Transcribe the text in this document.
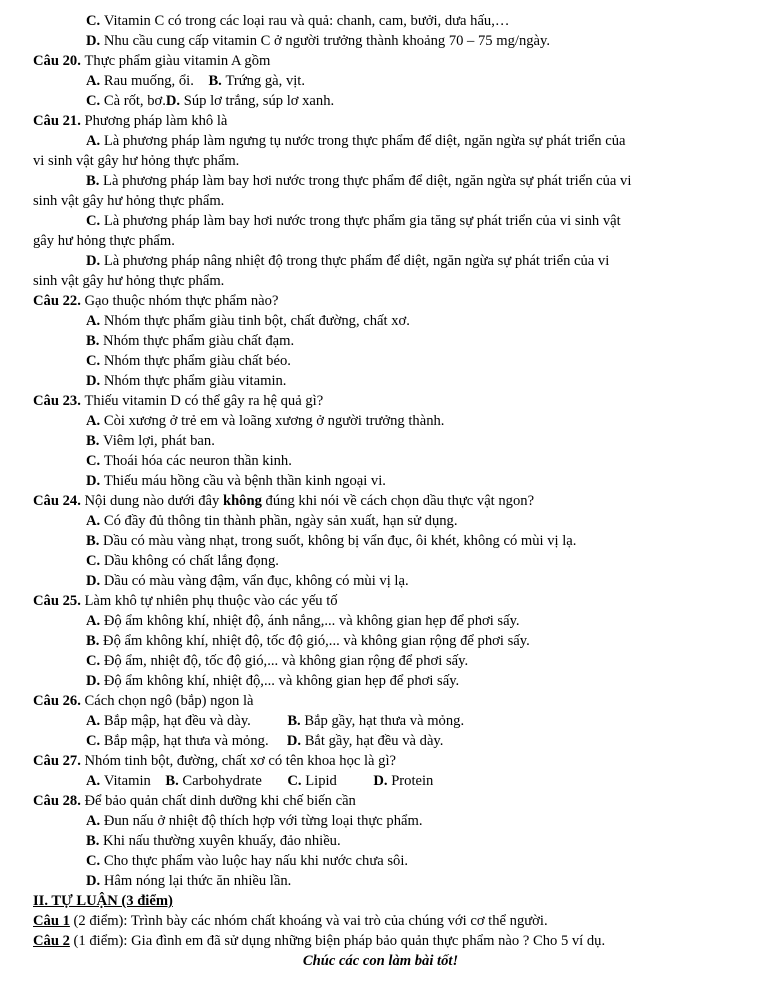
C. Vitamin C có trong các loại rau và quả: chanh, cam, bưởi, dưa hấu,…
D. Nhu cầu cung cấp vitamin C ở người trưởng thành khoảng 70 – 75 mg/ngày.
Câu 20. Thực phẩm giàu vitamin A gồm
A. Rau muống, ổi.    B. Trứng gà, vịt.
C. Cà rốt, bơ.D. Súp lơ trắng, súp lơ xanh.
Câu 21. Phương pháp làm khô là
A. Là phương pháp làm ngưng tụ nước trong thực phẩm để diệt, ngăn ngừa sự phát triển của
vi sinh vật gây hư hỏng thực phẩm.
B. Là phương pháp làm bay hơi nước trong thực phẩm để diệt, ngăn ngừa sự phát triển của vi
sinh vật gây hư hỏng thực phẩm.
C. Là phương pháp làm bay hơi nước trong thực phẩm gia tăng sự phát triển của vi sinh vật
gây hư hỏng thực phẩm.
D. Là phương pháp nâng nhiệt độ trong thực phẩm để diệt, ngăn ngừa sự phát triển của vi
sinh vật gây hư hỏng thực phẩm.
Câu 22. Gạo thuộc nhóm thực phẩm nào?
A. Nhóm thực phẩm giàu tinh bột, chất đường, chất xơ.
B. Nhóm thực phẩm giàu chất đạm.
C. Nhóm thực phẩm giàu chất béo.
D. Nhóm thực phẩm giàu vitamin.
Câu 23. Thiếu vitamin D có thể gây ra hệ quả gì?
A. Còi xương ở trẻ em và loãng xương ở người trưởng thành.
B. Viêm lợi, phát ban.
C. Thoái hóa các neuron thần kinh.
D. Thiếu máu hồng cầu và bệnh thần kinh ngoại vi.
Câu 24. Nội dung nào dưới đây không đúng khi nói về cách chọn dầu thực vật ngon?
A. Có đầy đủ thông tin thành phần, ngày sản xuất, hạn sử dụng.
B. Dầu có màu vàng nhạt, trong suốt, không bị vẩn đục, ôi khét, không có mùi vị lạ.
C. Dầu không có chất lắng đọng.
D. Dầu có màu vàng đậm, vẩn đục, không có mùi vị lạ.
Câu 25. Làm khô tự nhiên phụ thuộc vào các yếu tố
A. Độ ẩm không khí, nhiệt độ, ánh nắng,... và không gian hẹp để phơi sấy.
B. Độ ẩm không khí, nhiệt độ, tốc độ gió,... và không gian rộng để phơi sấy.
C. Độ ẩm, nhiệt độ, tốc độ gió,... và không gian rộng để phơi sấy.
D. Độ ẩm không khí, nhiệt độ,... và không gian hẹp để phơi sấy.
Câu 26. Cách chọn ngô (bắp) ngon là
A. Bắp mập, hạt đều và dày.          B. Bắp gầy, hạt thưa và mỏng.
C. Bắp mập, hạt thưa và mỏng.     D. Bắt gầy, hạt đều và dày.
Câu 27. Nhóm tinh bột, đường, chất xơ có tên khoa học là gì?
A. Vitamin    B. Carbohydrate       C. Lipid          D. Protein
Câu 28. Để bảo quản chất dinh dưỡng khi chế biến cần
A. Đun nấu ở nhiệt độ thích hợp với từng loại thực phẩm.
B. Khi nấu thường xuyên khuấy, đảo nhiều.
C. Cho thực phẩm vào luộc hay nấu khi nước chưa sôi.
D. Hâm nóng lại thức ăn nhiều lần.
II. TỰ LUẬN (3 điểm)
Câu 1 (2 điểm): Trình bày các nhóm chất khoáng và vai trò của chúng với cơ thể người.
Câu 2 (1 điểm): Gia đình em đã sử dụng những biện pháp bảo quản thực phẩm nào ? Cho 5 ví dụ.
Chúc các con làm bài tốt!
